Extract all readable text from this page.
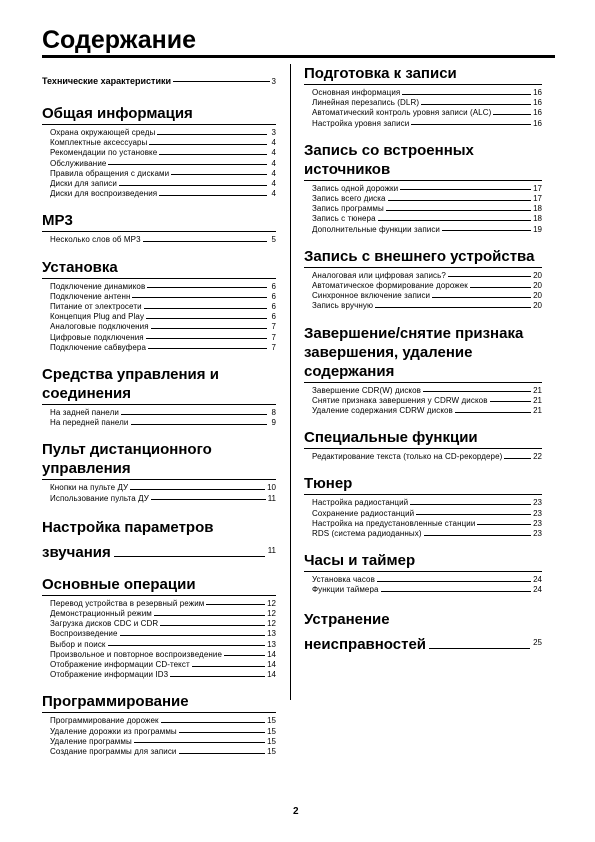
Содержание
Технические характеристики	3
Общая информация
Охрана окружающей среды	3
Комплектные аксессуары	4
Рекомендации по установке	4
Обслуживание	4
Правила обращения с дисками	4
Диски для записи	4
Диски для воспроизведения	4
MP3
Несколько слов об MP3	5
Установка
Подключение динамиков	6
Подключение антенн	6
Питание от электросети	6
Концепция Plug and Play	6
Аналоговые подключения	7
Цифровые подключения	7
Подключение сабвуфера	7
Средства управления и соединения
На задней панели	8
На передней панели	9
Пульт дистанционного управления
Кнопки на пульте ДУ	10
Использование пульта ДУ	11
Настройка параметров
звучания	11
Основные операции
Перевод устройства в резервный режим	12
Демонстрационный режим	12
Загрузка дисков CDC и CDR	12
Воспроизведение	13
Выбор и поиск	13
Произвольное и повторное воспроизведение	14
Отображение информации CD-текст	14
Отображение информации ID3	14
Программирование
Программирование дорожек	15
Удаление дорожки из программы	15
Удаление программы	15
Создание программы для записи	15
Подготовка к записи
Основная информация	16
Линейная перезапись (DLR)	16
Автоматический контроль уровня записи (ALC)	16
Настройка уровня записи	16
Запись со встроенных источников
Запись одной дорожки	17
Запись всего диска	17
Запись программы	18
Запись с тюнера	18
Дополнительные функции записи	19
Запись с внешнего устройства
Аналоговая или цифровая запись?	20
Автоматическое формирование дорожек	20
Синхронное включение записи	20
Запись вручную	20
Завершение/снятие признака завершения, удаление содержания
Завершение CDR(W) дисков	21
Снятие признака завершения у CDRW дисков	21
Удаление содержания CDRW дисков	21
Специальные функции
Редактирование текста (только на CD-рекордере)	22
Тюнер
Настройка радиостанций	23
Сохранение радиостанций	23
Настройка на предустановленные станции	23
RDS (система радиоданных)	23
Часы и таймер
Установка часов	24
Функции таймера	24
Устранение
неисправностей	25
2
